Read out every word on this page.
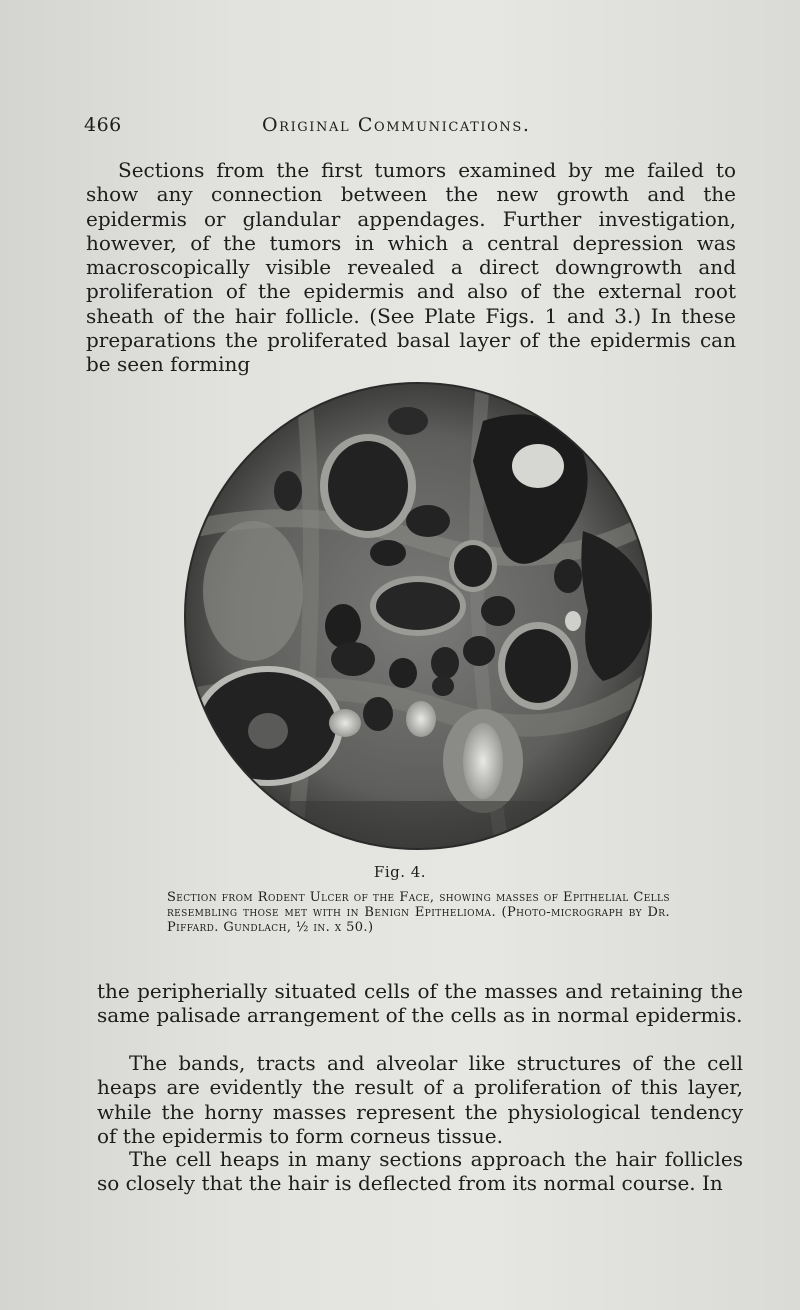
466	Original Communications.

Sections from the first tumors examined by me failed to show any connection between the new growth and the epidermis or glandular appendages. Further investigation, however, of the tumors in which a central depression was macroscopically visible revealed a direct downgrowth and proliferation of the epidermis and also of the external root sheath of the hair follicle. (See Plate Figs. 1 and 3.) In these preparations the proliferated basal layer of the epidermis can be seen forming

Fig. 4.
Section from Rodent Ulcer of the Face, showing masses of Epithelial Cells resembling those met with in Benign Epithelioma. (Photo-micrograph by Dr. Piffard. Gundlach, ½ in. x 50.)

the peripherially situated cells of the masses and retaining the same palisade arrangement of the cells as in normal epidermis.

The bands, tracts and alveolar like structures of the cell heaps are evidently the result of a proliferation of this layer, while the horny masses represent the physiological tendency of the epidermis to form corneus tissue.

The cell heaps in many sections approach the hair follicles so closely that the hair is deflected from its normal course. In
